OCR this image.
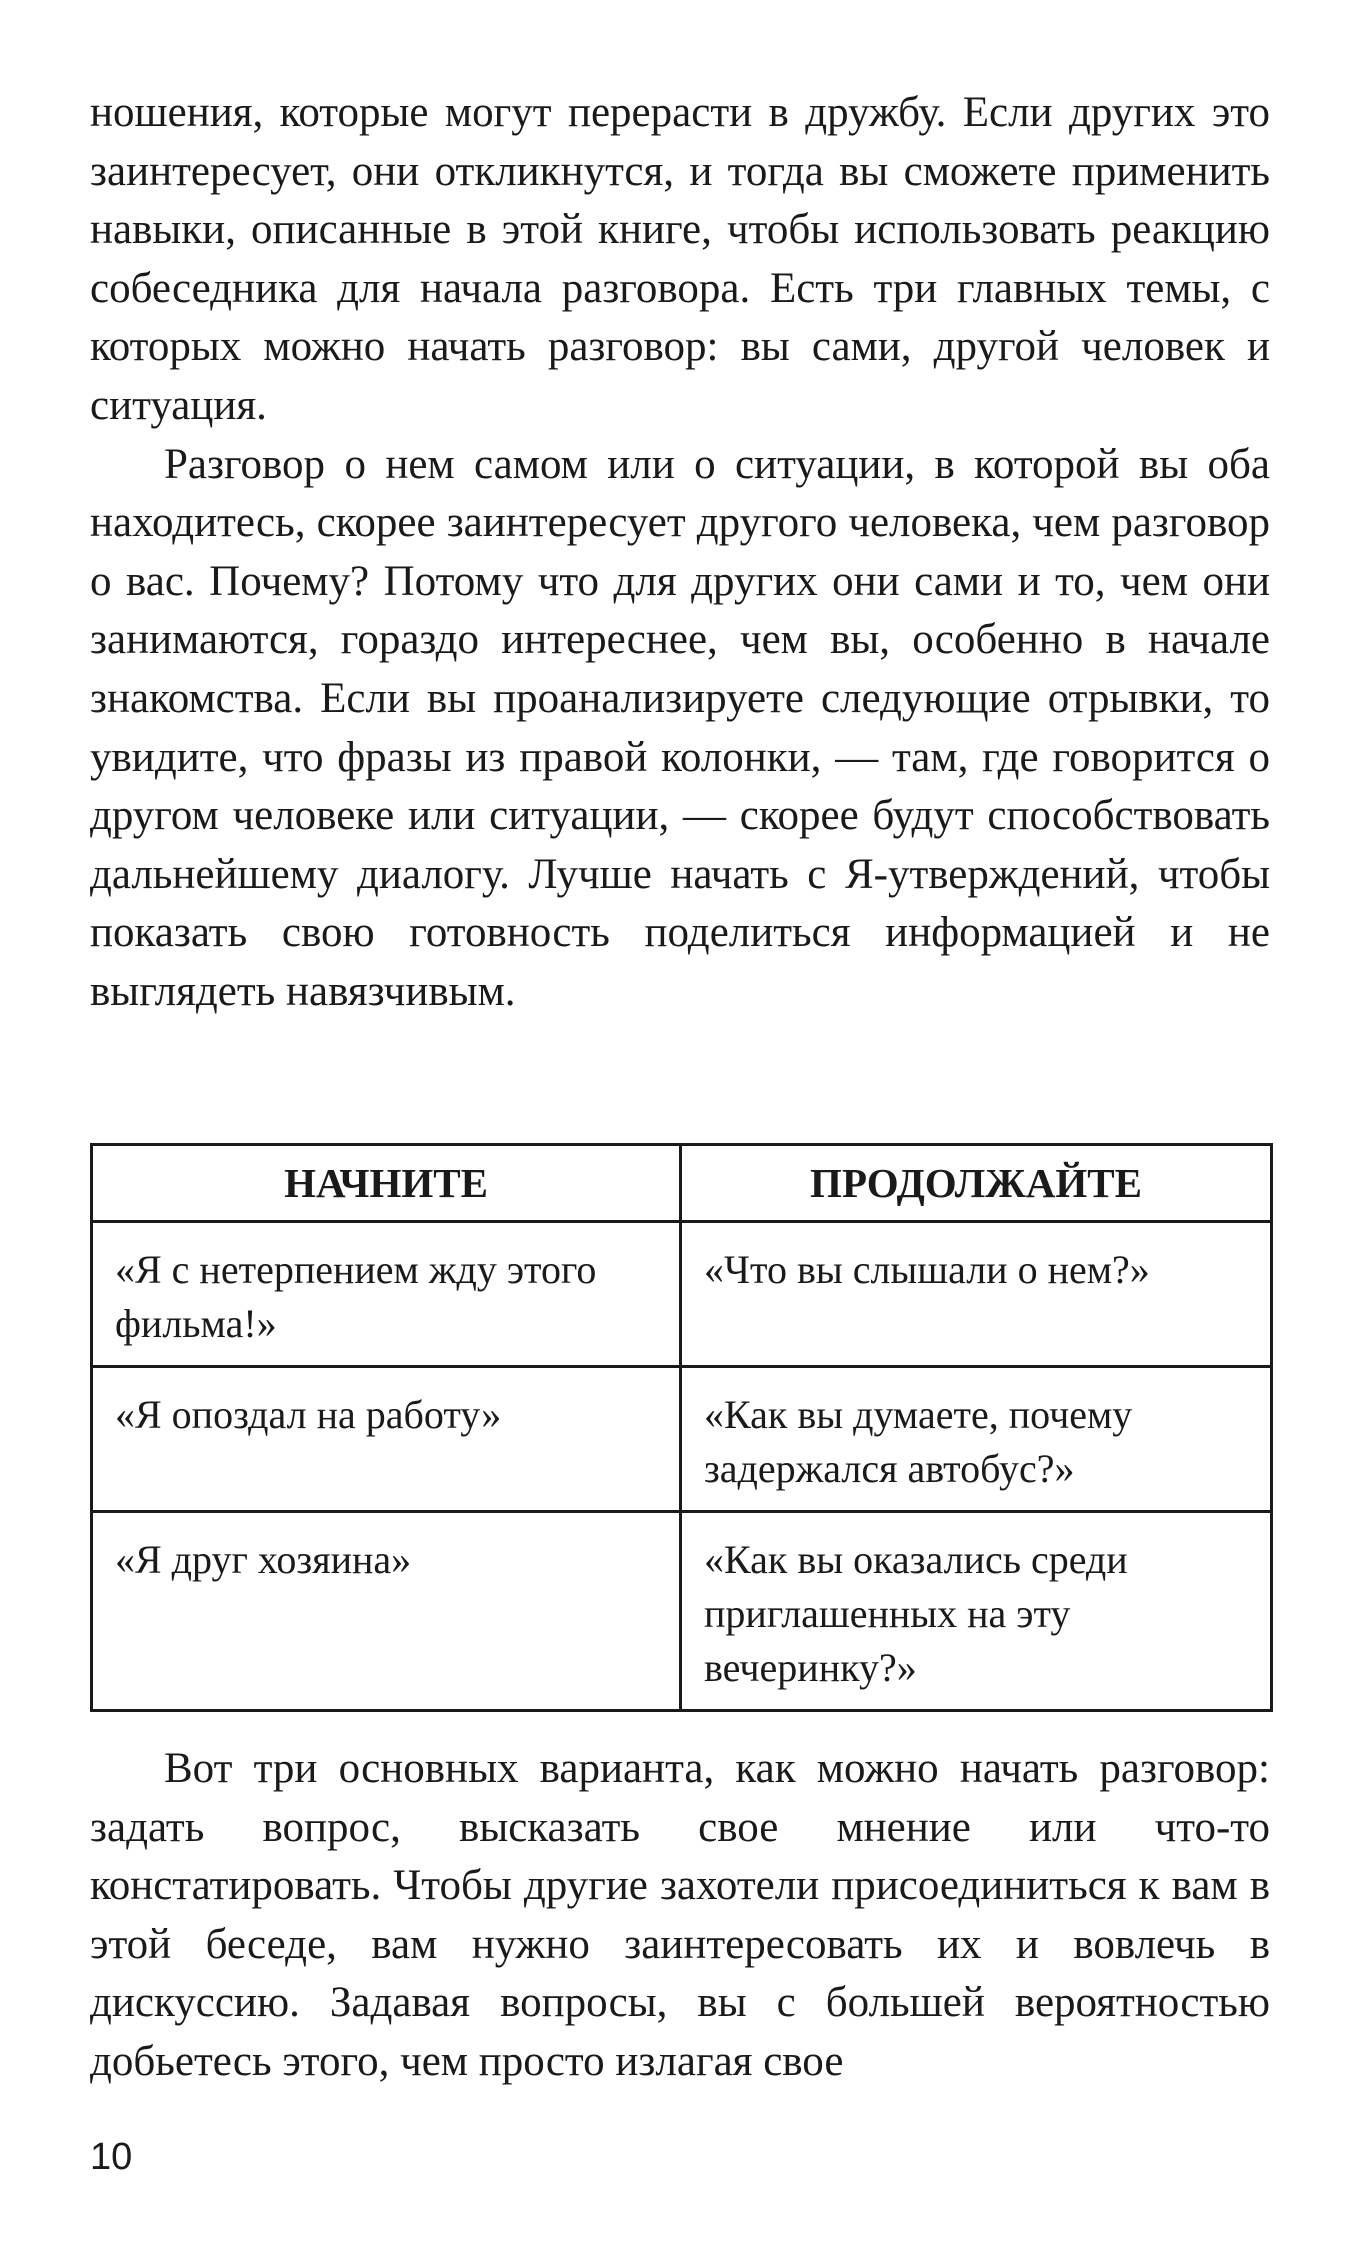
ношения, которые могут перерасти в дружбу. Если других это заинтересует, они откликнутся, и тогда вы сможете применить навыки, описанные в этой книге, чтобы использовать реакцию собеседника для начала разговора. Есть три главных темы, с которых можно начать разговор: вы сами, другой человек и ситуация.

Разговор о нем самом или о ситуации, в которой вы оба находитесь, скорее заинтересует другого человека, чем разговор о вас. Почему? Потому что для других они сами и то, чем они занимаются, гораздо интереснее, чем вы, особенно в начале знакомства. Если вы проанализируете следующие отрывки, то увидите, что фразы из правой колонки, — там, где говорится о другом человеке или ситуации, — скорее будут способствовать дальнейшему диалогу. Лучше начать с Я-утверждений, чтобы показать свою готовность поделиться информацией и не выглядеть навязчивым.

НАЧНИТЕ	ПРОДОЛЖАЙТЕ
«Я с нетерпением жду этого фильма!»	«Что вы слышали о нем?»
«Я опоздал на работу»	«Как вы думаете, почему задержался автобус?»
«Я друг хозяина»	«Как вы оказались среди приглашенных на эту вечеринку?»

Вот три основных варианта, как можно начать разговор: задать вопрос, высказать свое мнение или что-то констатировать. Чтобы другие захотели присоединиться к вам в этой беседе, вам нужно заинтересовать их и вовлечь в дискуссию. Задавая вопросы, вы с большей вероятностью добьетесь этого, чем просто излагая свое

10
